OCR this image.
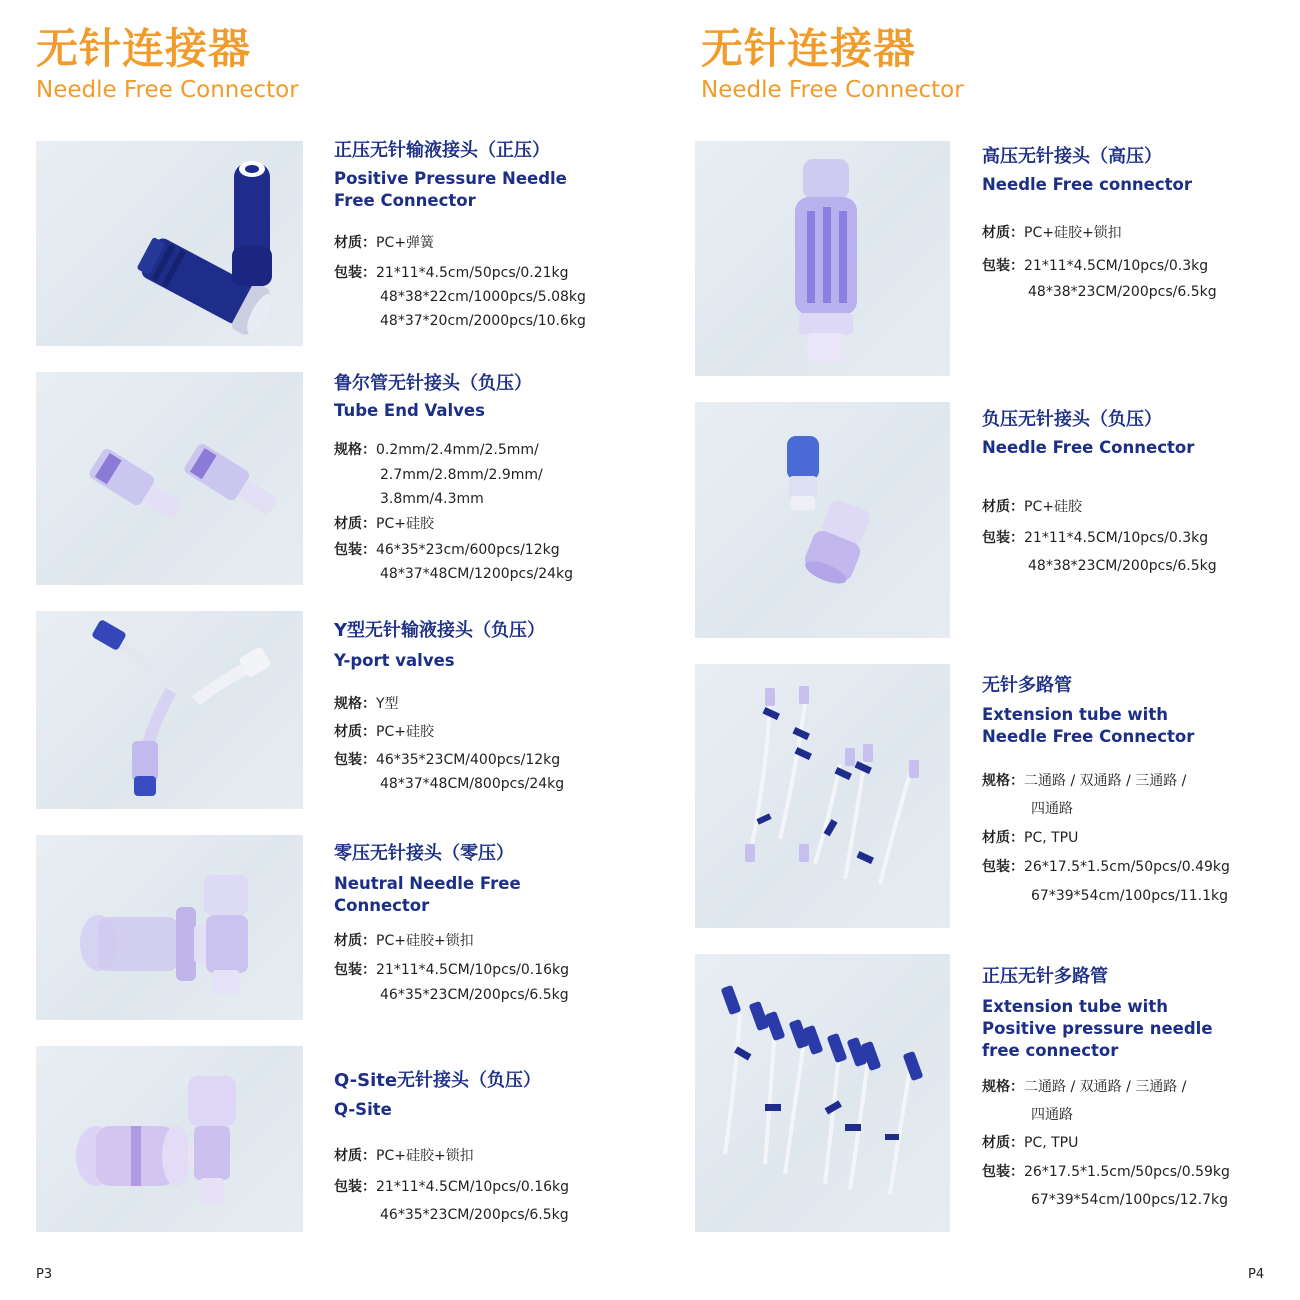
无针连接器
Needle Free Connector
无针连接器
Needle Free Connector
正压无针输液接头（正压）
Positive Pressure Needle
Free Connector
材质：PC+弹簧
包装：21*11*4.5cm/50pcs/0.21kg
48*38*22cm/1000pcs/5.08kg
48*37*20cm/2000pcs/10.6kg
鲁尔管无针接头（负压）
Tube End Valves
规格：0.2mm/2.4mm/2.5mm/
2.7mm/2.8mm/2.9mm/
3.8mm/4.3mm
材质：PC+硅胶
包装：46*35*23cm/600pcs/12kg
48*37*48CM/1200pcs/24kg
Y型无针输液接头（负压）
Y-port valves
规格：Y型
材质：PC+硅胶
包装：46*35*23CM/400pcs/12kg
48*37*48CM/800pcs/24kg
零压无针接头（零压）
Neutral Needle Free
Connector
材质：PC+硅胶+锁扣
包装：21*11*4.5CM/10pcs/0.16kg
46*35*23CM/200pcs/6.5kg
Q-Site无针接头（负压）
Q-Site
材质：PC+硅胶+锁扣
包装：21*11*4.5CM/10pcs/0.16kg
46*35*23CM/200pcs/6.5kg
P3
高压无针接头（高压）
Needle Free connector
材质：PC+硅胶+锁扣
包装：21*11*4.5CM/10pcs/0.3kg
48*38*23CM/200pcs/6.5kg
负压无针接头（负压）
Needle Free Connector
材质：PC+硅胶
包装：21*11*4.5CM/10pcs/0.3kg
48*38*23CM/200pcs/6.5kg
无针多路管
Extension tube with
Needle Free Connector
规格：二通路 / 双通路 / 三通路 /
四通路
材质：PC, TPU
包装：26*17.5*1.5cm/50pcs/0.49kg
67*39*54cm/100pcs/11.1kg
正压无针多路管
Extension tube with
Positive pressure needle
free connector
规格：二通路 / 双通路 / 三通路 /
四通路
材质：PC, TPU
包装：26*17.5*1.5cm/50pcs/0.59kg
67*39*54cm/100pcs/12.7kg
P4
